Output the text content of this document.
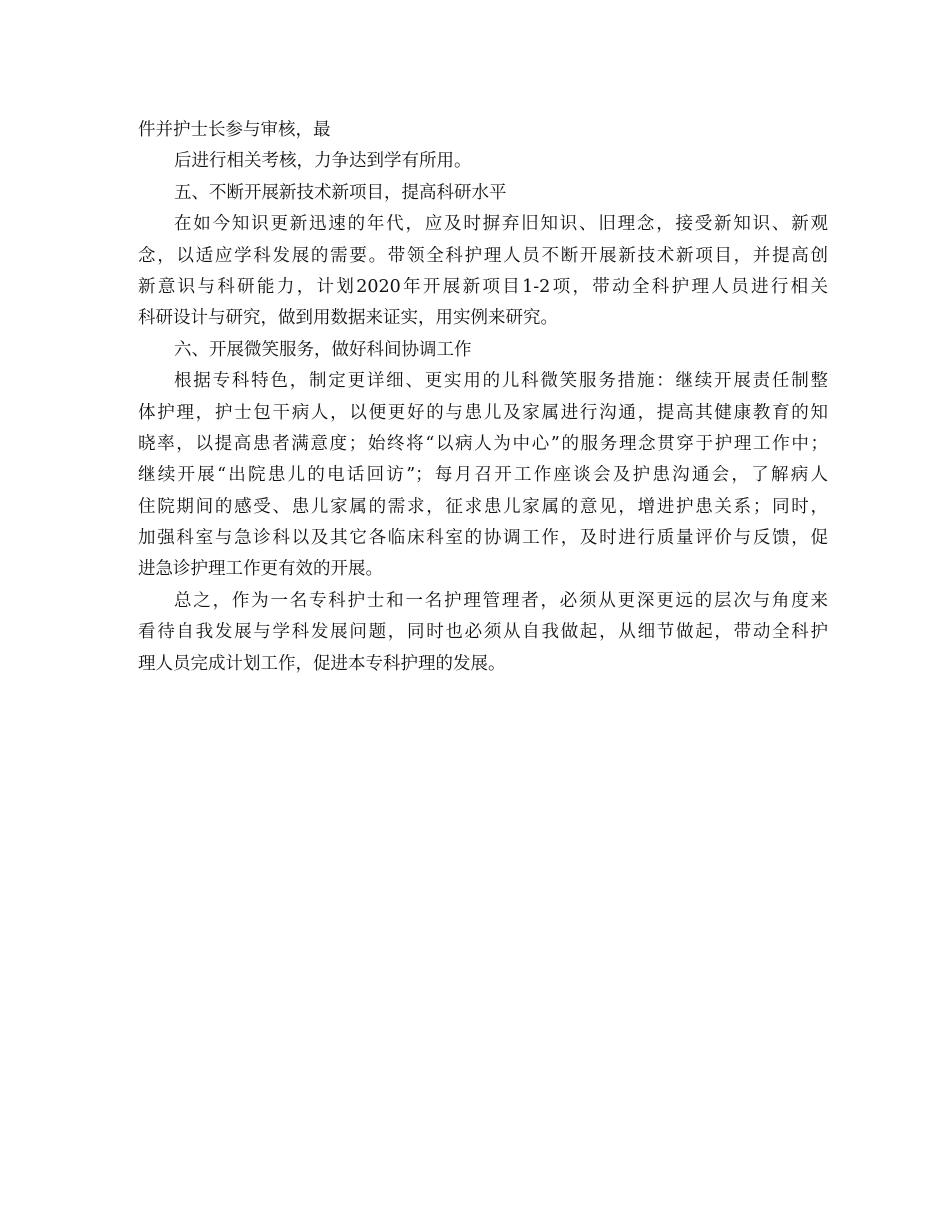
件并护士长参与审核，最
后进行相关考核，力争达到学有所用。
五、不断开展新技术新项目，提高科研水平
在如今知识更新迅速的年代，应及时摒弃旧知识、旧理念，接受新知识、新观
念，以适应学科发展的需要。带领全科护理人员不断开展新技术新项目，并提高创
新意识与科研能力，计划2020年开展新项目1-2项，带动全科护理人员进行相关
科研设计与研究，做到用数据来证实，用实例来研究。
六、开展微笑服务，做好科间协调工作
根据专科特色，制定更详细、更实用的儿科微笑服务措施：继续开展责任制整
体护理，护士包干病人，以便更好的与患儿及家属进行沟通，提高其健康教育的知
晓率，以提高患者满意度；始终将“以病人为中心”的服务理念贯穿于护理工作中；
继续开展“出院患儿的电话回访”；每月召开工作座谈会及护患沟通会，了解病人
住院期间的感受、患儿家属的需求，征求患儿家属的意见，增进护患关系；同时，
加强科室与急诊科以及其它各临床科室的协调工作，及时进行质量评价与反馈，促
进急诊护理工作更有效的开展。
总之，作为一名专科护士和一名护理管理者，必须从更深更远的层次与角度来
看待自我发展与学科发展问题，同时也必须从自我做起，从细节做起，带动全科护
理人员完成计划工作，促进本专科护理的发展。
